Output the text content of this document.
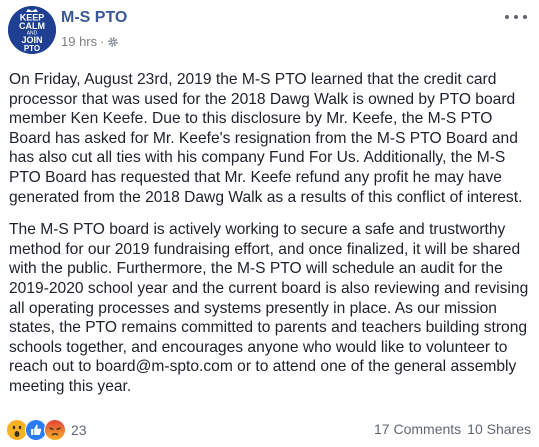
KEEP
CALM
AND
JOIN
PTO
M-S PTO
19 hrs ·

On Friday, August 23rd, 2019 the M-S PTO learned that the credit card processor that was used for the 2018 Dawg Walk is owned by PTO board member Ken Keefe. Due to this disclosure by Mr. Keefe, the M-S PTO Board has asked for Mr. Keefe's resignation from the M-S PTO Board and has also cut all ties with his company Fund For Us. Additionally, the M-S PTO Board has requested that Mr. Keefe refund any profit he may have generated from the 2018 Dawg Walk as a results of this conflict of interest.

The M-S PTO board is actively working to secure a safe and trustworthy method for our 2019 fundraising effort, and once finalized, it will be shared with the public. Furthermore, the M-S PTO will schedule an audit for the 2019-2020 school year and the current board is also reviewing and revising all operating processes and systems presently in place. As our mission states, the PTO remains committed to parents and teachers building strong schools together, and encourages anyone who would like to volunteer to reach out to board@m-spto.com or to attend one of the general assembly meeting this year.

23	17 Comments 10 Shares
